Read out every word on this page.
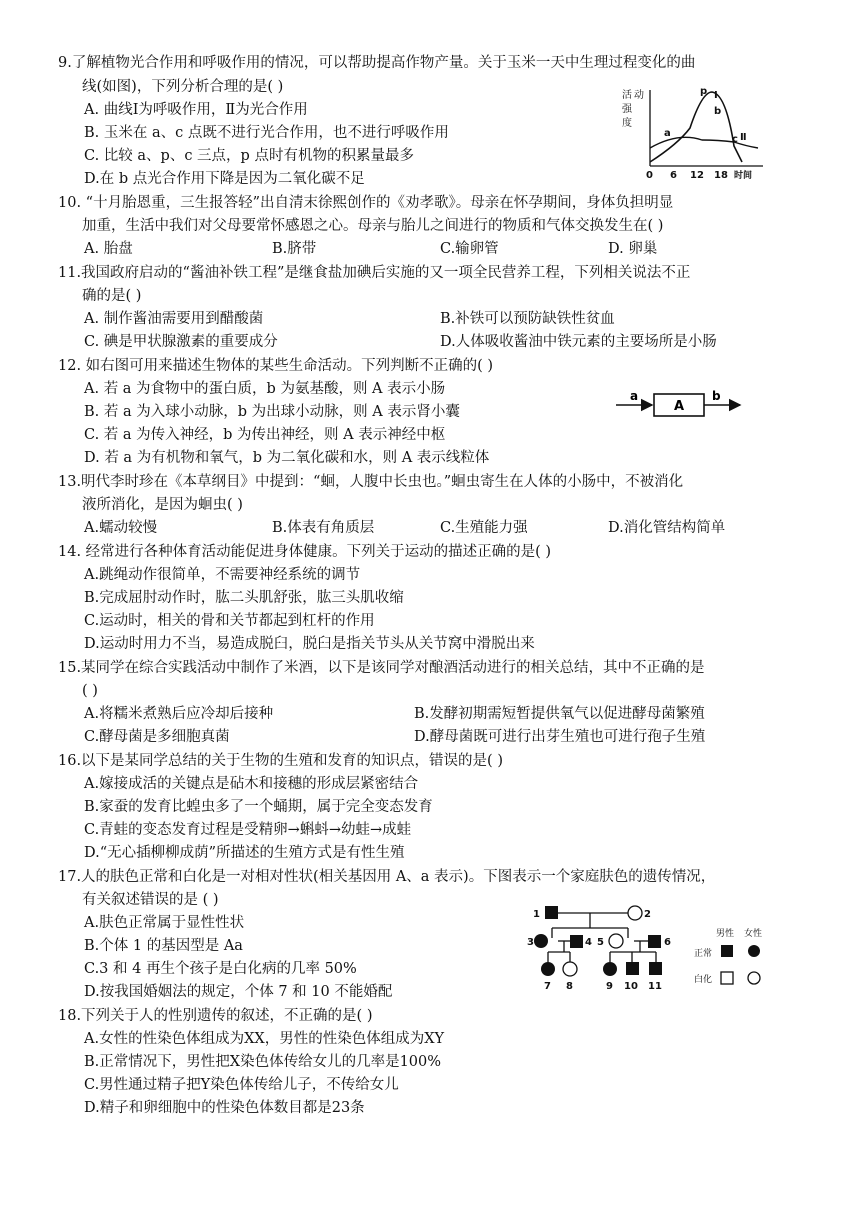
9.了解植物光合作用和呼吸作用的情况，可以帮助提高作物产量。关于玉米一天中生理过程变化的曲
线(如图)，下列分析合理的是( )
A. 曲线Ⅰ为呼吸作用，Ⅱ为光合作用
B. 玉米在 a、c 点既不进行光合作用，也不进行呼吸作用
C. 比较 a、p、c 三点，p 点时有机物的积累量最多
D.在 b 点光合作用下降是因为二氧化碳不足
活 动
强
度
p
a
b
c
Ⅰ
Ⅱ
0 6 12 18 时间
10. “十月胎恩重，三生报答轻”出自清末徐熙创作的《劝孝歌》。母亲在怀孕期间，身体负担明显
加重，生活中我们对父母要常怀感恩之心。母亲与胎儿之间进行的物质和气体交换发生在( )
A. 胎盘	B.脐带	C.输卵管	D. 卵巢
11.我国政府启动的“酱油补铁工程”是继食盐加碘后实施的又一项全民营养工程，下列相关说法不正
确的是( )
A. 制作酱油需要用到醋酸菌	B.补铁可以预防缺铁性贫血
C. 碘是甲状腺激素的重要成分	D.人体吸收酱油中铁元素的主要场所是小肠
12. 如右图可用来描述生物体的某些生命活动。下列判断不正确的( )
A. 若 a 为食物中的蛋白质，b 为氨基酸，则 A 表示小肠
B. 若 a 为入球小动脉，b 为出球小动脉，则 A 表示肾小囊
C. 若 a 为传入神经，b 为传出神经，则 A 表示神经中枢
D. 若 a 为有机物和氧气，b 为二氧化碳和水，则 A 表示线粒体
a
A
b
13.明代李时珍在《本草纲目》中提到：“蛔，人腹中长虫也。”蛔虫寄生在人体的小肠中，不被消化
液所消化，是因为蛔虫( )
A.蠕动较慢	B.体表有角质层	C.生殖能力强	D.消化管结构简单
14. 经常进行各种体育活动能促进身体健康。下列关于运动的描述正确的是( )
A.跳绳动作很简单，不需要神经系统的调节
B.完成屈肘动作时，肱二头肌舒张，肱三头肌收缩
C.运动时，相关的骨和关节都起到杠杆的作用
D.运动时用力不当，易造成脱臼，脱臼是指关节头从关节窝中滑脱出来
15.某同学在综合实践活动中制作了米酒，以下是该同学对酿酒活动进行的相关总结，其中不正确的是
( )
A.将糯米煮熟后应冷却后接种	B.发酵初期需短暂提供氧气以促进酵母菌繁殖
C.酵母菌是多细胞真菌	D.酵母菌既可进行出芽生殖也可进行孢子生殖
16.以下是某同学总结的关于生物的生殖和发育的知识点，错误的是( )
A.嫁接成活的关键点是砧木和接穗的形成层紧密结合
B.家蚕的发育比蝗虫多了一个蛹期，属于完全变态发育
C.青蛙的变态发育过程是受精卵→蝌蚪→幼蛙→成蛙
D.“无心插柳柳成荫”所描述的生殖方式是有性生殖
17.人的肤色正常和白化是一对相对性状(相关基因用 A、a 表示)。下图表示一个家庭肤色的遗传情况，
有关叙述错误的是 ( )
A.肤色正常属于显性性状
B.个体 1 的基因型是 Aa
C.3 和 4 再生个孩子是白化病的几率 50%
D.按我国婚姻法的规定，个体 7 和 10 不能婚配
1	2
3	4 5	6
7 8	9 10 11
男性 女性
正常
白化
18.下列关于人的性别遗传的叙述，不正确的是( )
A.女性的性染色体组成为XX，男性的性染色体组成为XY
B.正常情况下，男性把X染色体传给女儿的几率是100%
C.男性通过精子把Y染色体传给儿子，不传给女儿
D.精子和卵细胞中的性染色体数目都是23条
